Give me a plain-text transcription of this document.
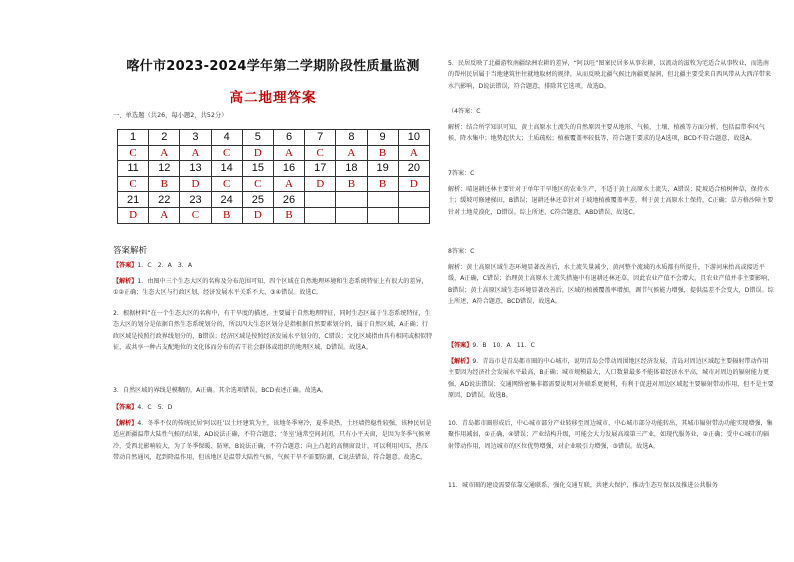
喀什市2023-2024学年第二学期阶段性质量监测
高二地理答案
一、单选题（共26，每小题2，共52分）
1	2	3	4	5	6	7	8	9	10
C	A	A	C	D	A	C	A	B	A
11	12	13	14	15	16	17	18	19	20
C	B	D	C	C	A	D	B	B	D
21	22	23	24	25	26				
D	A	C	B	D	B				
答案解析
【答案】1．C　2．A　3．A
【解析】1．由图中三个生态大区的名称及分布范围可知，四个区域在自然地理环境和生态系统特征上有很大的差异，①②正确；生态大区与行政区划、经济发展水平关系不大，③④错误。故选C。
2．根据材料“在一个生态大区的名称中，有干旱度的描述，主要属于自然地理特征，同时生态区属于生态系统特征，生态大区的划分是依据自然生态系统划分的，所以四大生态区划分是指根据自然要素划分的，属于自然区域，A正确；行政区域是按照行政界线划分的，B错误；经济区域是按照经济发展水平划分的，C错误；文化区域指由具有相同或相似特征，或共享一种占支配地位的文化体而分布的若干社会群体或组织的地理区域，D错误。故选A。
3．自然区域的界线是模糊的，A正确。其余选项错误，BCD表述正确。故选A。
【答案】4．C　5．D
【解析】4．冬季不仅的传统民居‘阿以旺’以土坯建筑为主，该地冬季寒冷，夏季炎热，土坯墙热稳性较强，该种民居是适应新疆温带大陆性气候的结果，AD说法正确，不符合题意；‘冬室’通常空间封闭，只有小平天窗，是因为冬季气候寒冷，受西北影响较大，为了冬季保暖、防寒，B说法正确，不符合题意；向上凸起的高侧窗设计，可以利用风压，热压带动自然通风，起到降温作用，但该地区是温带大陆性气候，气候干旱不需要防潮，C说法错误，符合题意。故选C。
5．民居反映了北疆游牧南疆绿洲农耕的差异，“阿以旺”图案民居多从事农耕，以流动的滋牧为宅适合从事牧业，而选南的帮州民居属于当地建筑往往就地取材的规律，从而反映北疆气候比南疆更湿润，但北疆主要受来自西风带从大西洋带来水汽影响，D说法错误，符合题意，排除其它选项。故选D。
（4答案：C
解析：结合所学知识可知，黄土高原水土流失的自然原因主要从地形、气候、土壤、植被等方面分析，包括温带季风气候，降水集中；地势起伏大；土质疏松；植被覆盖率较低等，符合题干要求的是A选项，BCD不符合题意，故选A。
7答案：C
解析：晴退耕还林主要针对于单年干旱地区的农业生产，不适于黄土高原水土流失，A错误；陡坡适合植树种草，保持水土；缓坡可修建梯田，B错误；退耕还林还草针对于坡地植被覆盖率差，利于黄土高原水土保持，C正确；草方格沙障主要针对土地荒漠化，D错误。综上所述，C符合题意，ABD错误，故选C。
8答案：C
解析：黄土高原区域生态环境显著改善后，水土流失量减少，黄河整个流域的水质都有所提升，下游河床抬高或接近平缓，A正确，C错误；治理黄土高原水土流失措施中有退耕还林还草，因此农业产值不会增大，且农业产值并非主要影响，B错误；黄土高原区域生态环境显著改善后，区域的植被覆盖率增加，调节气候能力增强，提供温差不会变大，D错误。综上所述，A符合题意，BCD错误，故选A。
【答案】9．B　10．A　11．C
【解析】9．青岛市是青岛都市圈的中心城市，说明青岛会带动周围地区经济发展，青岛对周边区域起主要辐射带动作用主要因为经济社会发展水平最高，B正确；城市规模最大，人口数量最多不能体着经济水平高，城市对周边的辐射能力更强，AD说法错误；交通网络密集非都需要说明对外联系更便利，有利于促进对周边区域起主要辐射带动作用，但不是主要原因，D错误。故选B。
10．青岛都市圈形成后，中心城市部分产业转移至周边城市，中心城市部分功能转出，其城市辐射带动功能实现增强，集聚作用减弱，①正确，④错误；产业结构升级，可能会大力发展高端第三产业，如现代服务业，②正确；受中心城市的辐射带动作用，周边城市的区位优势增强，对企业吸引力增强，③错误。故选A。
11．城市圈的建设需要依靠交通联系，强化交通互联，共建大保护，推动生态互保以及推进公共服务
